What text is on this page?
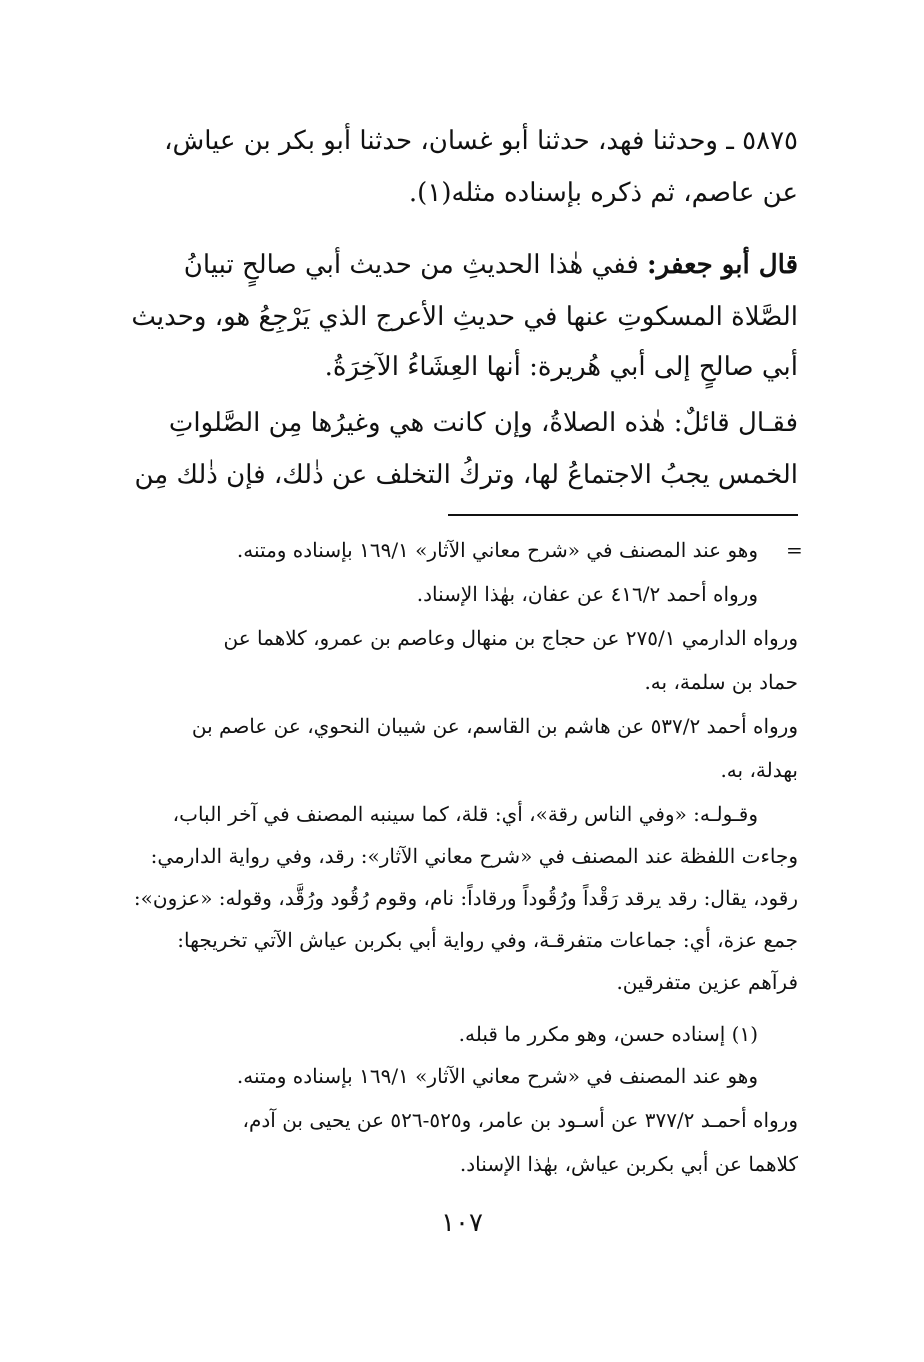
٥٨٧٥ ـ وحدثنا فهد، حدثنا أبو غسان، حدثنا أبو بكر بن عياش،

عن عاصم، ثم ذكره بإسناده مثله(١).

قال أبو جعفر: ففي هٰذا الحديثِ من حديث أبي صالحٍ تبيانُ

الصَّلاة المسكوتِ عنها في حديثِ الأعرج الذي يَرْجِعُ هو، وحديث

أبي صالحٍ إلى أبي هُريرة: أنها العِشَاءُ الآخِرَةُ.

فقـال قائلٌ: هٰذه الصلاةُ، وإن كانت هي وغيرُها مِن الصَّلواتِ

الخمس يجبُ الاجتماعُ لها، وتركُ التخلف عن ذٰلك، فإن ذٰلك مِن

=

وهو عند المصنف في «شرح معاني الآثار» ١٦٩/١ بإسناده ومتنه.

ورواه أحمد ٤١٦/٢ عن عفان، بهٰذا الإسناد.

ورواه الدارمي ٢٧٥/١ عن حجاج بن منهال وعاصم بن عمرو، كلاهما عن

حماد بن سلمة، به.

ورواه أحمد ٥٣٧/٢ عن هاشم بن القاسم، عن شيبان النحوي، عن عاصم بن

بهدلة، به.

وقـولـه: «وفي الناس رقة»، أي: قلة، كما سينبه المصنف في آخر الباب،

وجاءت اللفظة عند المصنف في «شرح معاني الآثار»: رقد، وفي رواية الدارمي:

رقود، يقال: رقد يرقد رَقْداً ورُقُوداً ورقاداً: نام، وقوم رُقُود ورُقَّد، وقوله: «عزون»:

جمع عزة، أي: جماعات متفرقـة، وفي رواية أبي بكربن عياش الآتي تخريجها:

فرآهم عزين متفرقين.

(١) إسناده حسن، وهو مكرر ما قبله.

وهو عند المصنف في «شرح معاني الآثار» ١٦٩/١ بإسناده ومتنه.

ورواه أحمـد ٣٧٧/٢ عن أسـود بن عامر، و٥٢٥-٥٢٦ عن يحيى بن آدم،

كلاهما عن أبي بكربن عياش، بهٰذا الإسناد.

١٠٧
